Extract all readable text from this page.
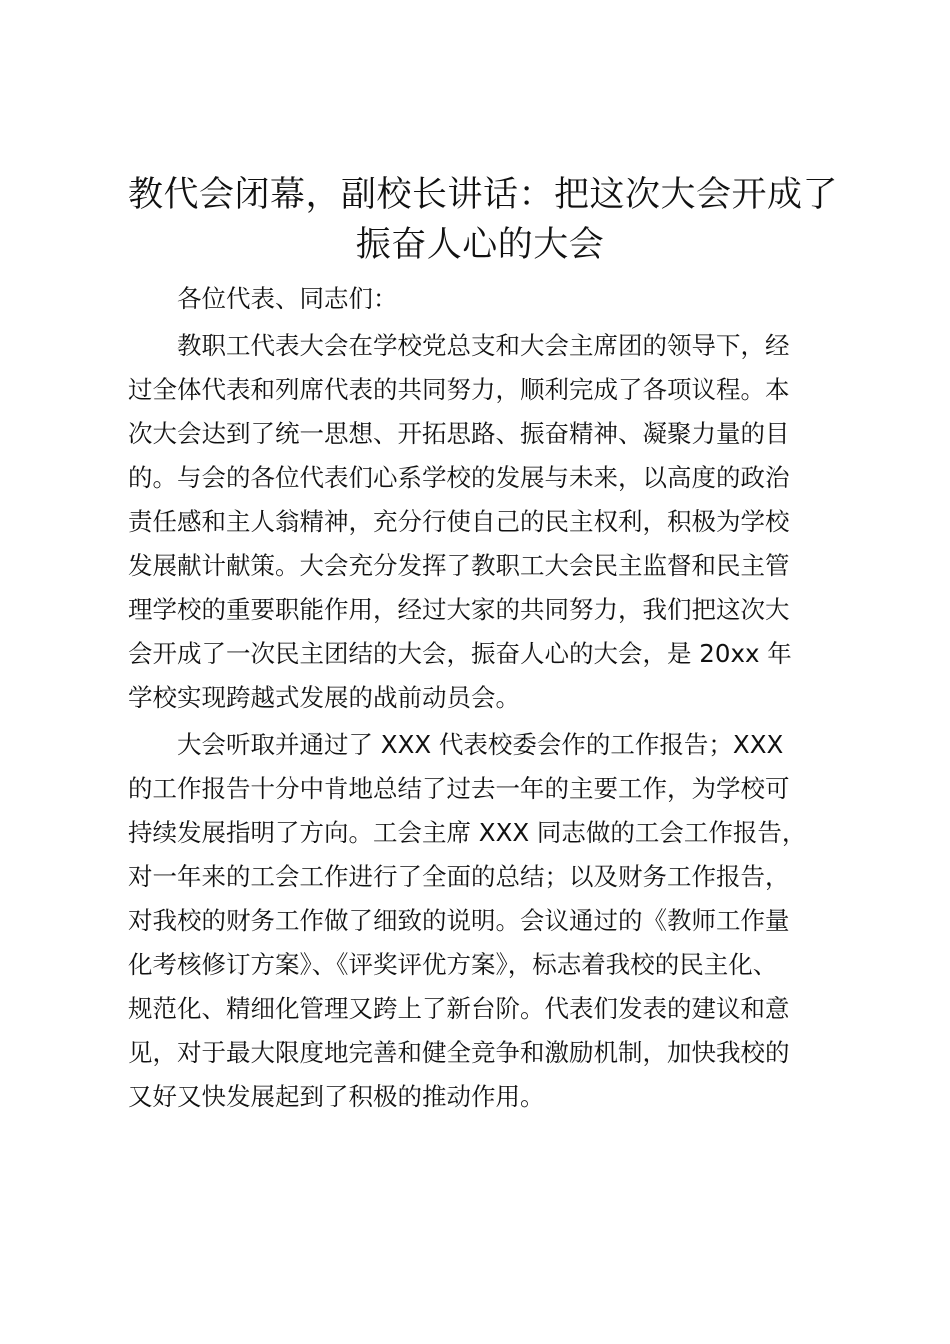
教代会闭幕，副校长讲话：把这次大会开成了
振奋人心的大会

各位代表、同志们：

教职工代表大会在学校党总支和大会主席团的领导下，经
过全体代表和列席代表的共同努力，顺利完成了各项议程。本
次大会达到了统一思想、开拓思路、振奋精神、凝聚力量的目
的。与会的各位代表们心系学校的发展与未来，以高度的政治
责任感和主人翁精神，充分行使自己的民主权利，积极为学校
发展献计献策。大会充分发挥了教职工大会民主监督和民主管
理学校的重要职能作用，经过大家的共同努力，我们把这次大
会开成了一次民主团结的大会，振奋人心的大会，是 20xx 年
学校实现跨越式发展的战前动员会。

大会听取并通过了 XXX 代表校委会作的工作报告；XXX
的工作报告十分中肯地总结了过去一年的主要工作，为学校可
持续发展指明了方向。工会主席 XXX 同志做的工会工作报告，
对一年来的工会工作进行了全面的总结；以及财务工作报告，
对我校的财务工作做了细致的说明。会议通过的《教师工作量
化考核修订方案》、《评奖评优方案》，标志着我校的民主化、
规范化、精细化管理又跨上了新台阶。代表们发表的建议和意
见，对于最大限度地完善和健全竞争和激励机制，加快我校的
又好又快发展起到了积极的推动作用。
